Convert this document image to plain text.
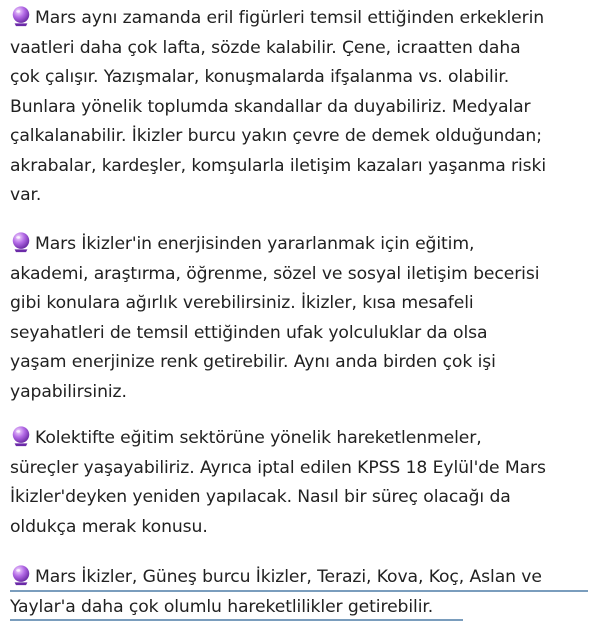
Mars aynı zamanda eril figürleri temsil ettiğinden erkeklerin
vaatleri daha çok lafta, sözde kalabilir. Çene, icraatten daha
çok çalışır. Yazışmalar, konuşmalarda ifşalanma vs. olabilir.
Bunlara yönelik toplumda skandallar da duyabiliriz. Medyalar
çalkalanabilir. İkizler burcu yakın çevre de demek olduğundan;
akrabalar, kardeşler, komşularla iletişim kazaları yaşanma riski
var.

Mars İkizler'in enerjisinden yararlanmak için eğitim,
akademi, araştırma, öğrenme, sözel ve sosyal iletişim becerisi
gibi konulara ağırlık verebilirsiniz. İkizler, kısa mesafeli
seyahatleri de temsil ettiğinden ufak yolculuklar da olsa
yaşam enerjinize renk getirebilir. Aynı anda birden çok işi
yapabilirsiniz.

Kolektifte eğitim sektörüne yönelik hareketlenmeler,
süreçler yaşayabiliriz. Ayrıca iptal edilen KPSS 18 Eylül'de Mars
İkizler'deyken yeniden yapılacak. Nasıl bir süreç olacağı da
oldukça merak konusu.

Mars İkizler, Güneş burcu İkizler, Terazi, Kova, Koç, Aslan ve
Yaylar'a daha çok olumlu hareketlilikler getirebilir.
